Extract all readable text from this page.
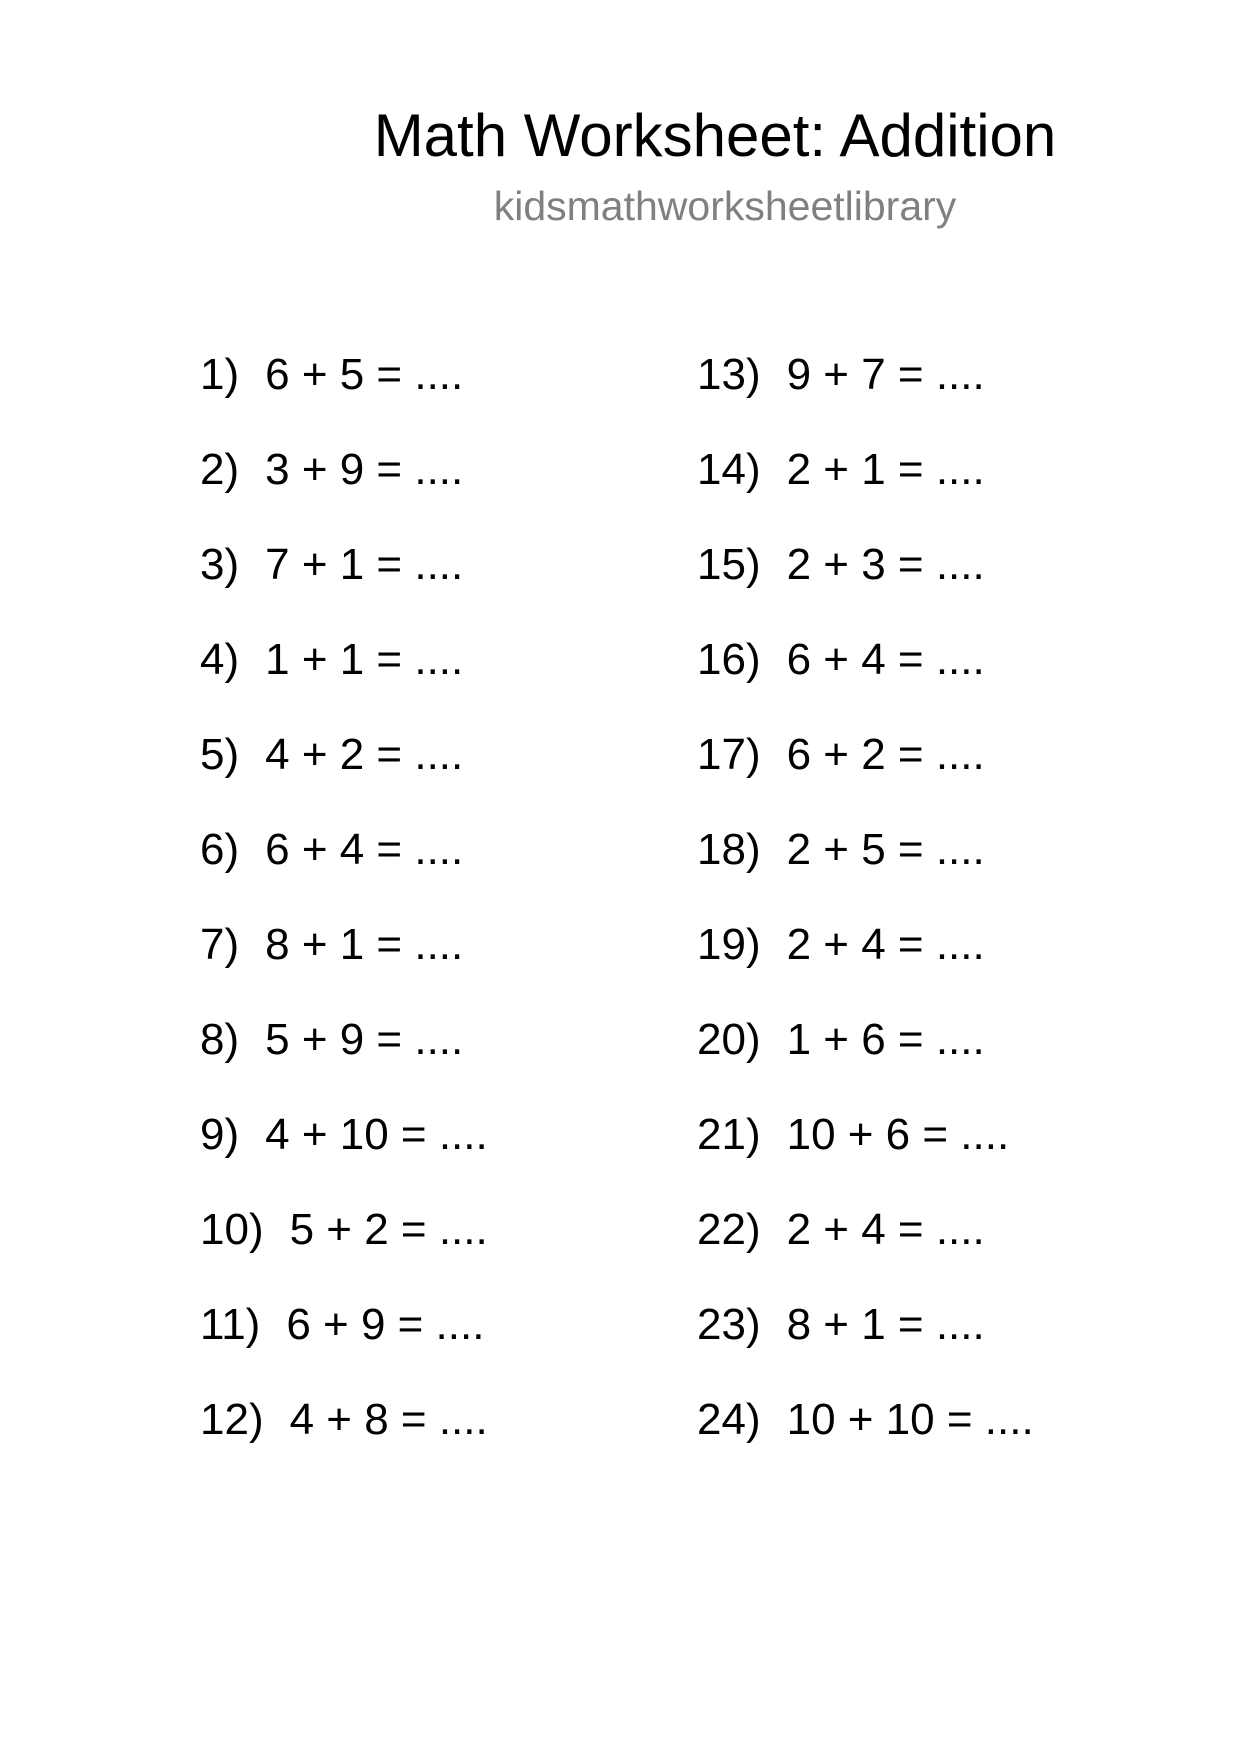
Math Worksheet: Addition
kidsmathworksheetlibrary
1) 6 + 5 = ....
2) 3 + 9 = ....
3) 7 + 1 = ....
4) 1 + 1 = ....
5) 4 + 2 = ....
6) 6 + 4 = ....
7) 8 + 1 = ....
8) 5 + 9 = ....
9) 4 + 10 = ....
10) 5 + 2 = ....
11) 6 + 9 = ....
12) 4 + 8 = ....
13) 9 + 7 = ....
14) 2 + 1 = ....
15) 2 + 3 = ....
16) 6 + 4 = ....
17) 6 + 2 = ....
18) 2 + 5 = ....
19) 2 + 4 = ....
20) 1 + 6 = ....
21) 10 + 6 = ....
22) 2 + 4 = ....
23) 8 + 1 = ....
24) 10 + 10 = ....
